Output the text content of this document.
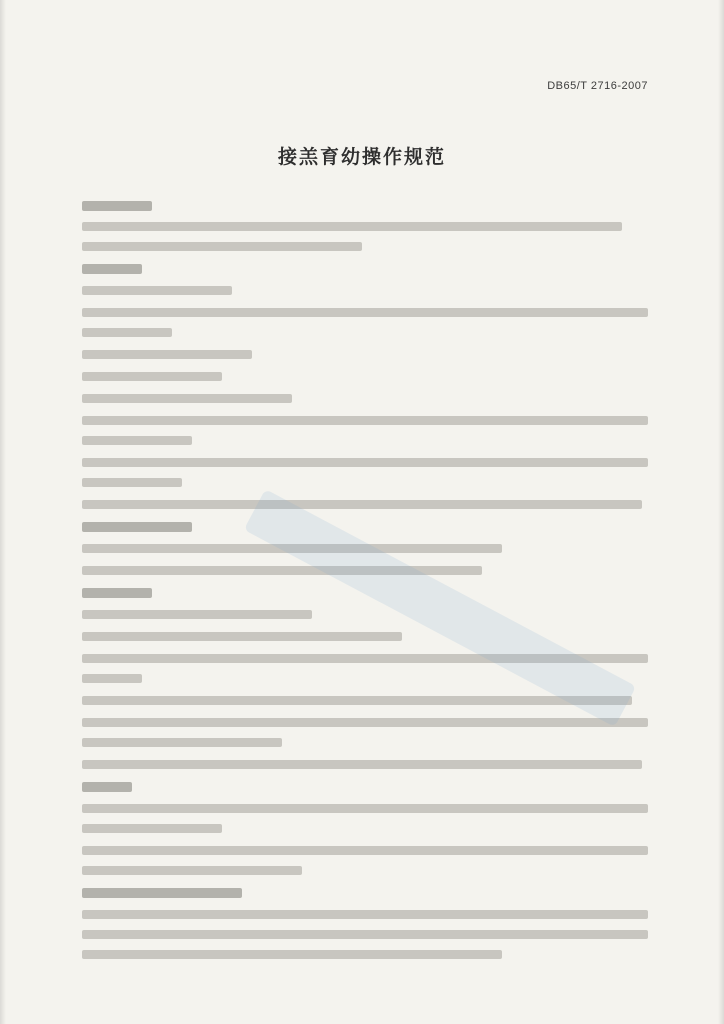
DB65/T 2716-2007
接羔育幼操作规范
